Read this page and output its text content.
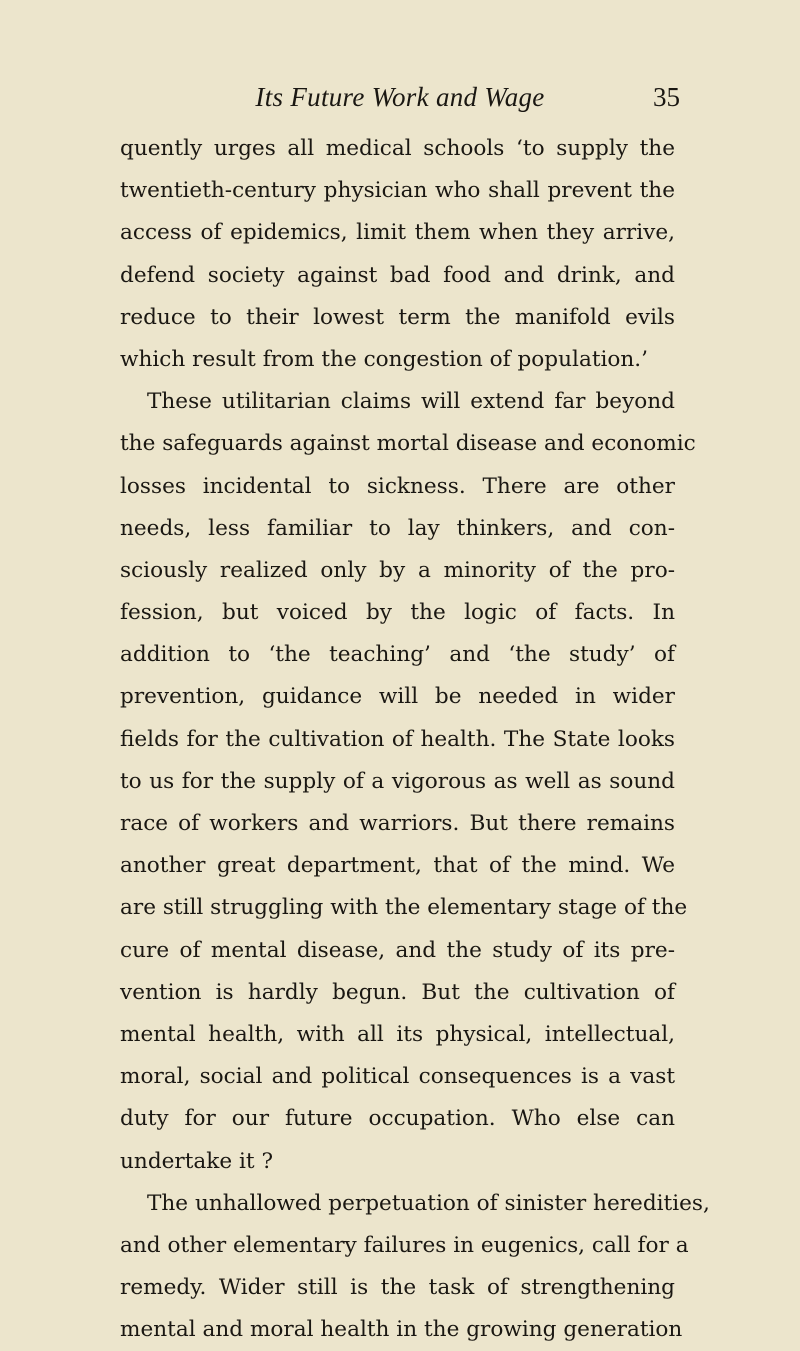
Its Future Work and Wage	35
quently urges all medical schools ‘to supply the
twentieth-century physician who shall prevent the
access of epidemics, limit them when they arrive,
defend society against bad food and drink, and
reduce to their lowest term the manifold evils
which result from the congestion of population.’
These utilitarian claims will extend far beyond
the safeguards against mortal disease and economic
losses incidental to sickness. There are other
needs, less familiar to lay thinkers, and con-
sciously realized only by a minority of the pro-
fession, but voiced by the logic of facts. In
addition to ‘the teaching’ and ‘the study’ of
prevention, guidance will be needed in wider
fields for the cultivation of health. The State looks
to us for the supply of a vigorous as well as sound
race of workers and warriors. But there remains
another great department, that of the mind. We
are still struggling with the elementary stage of the
cure of mental disease, and the study of its pre-
vention is hardly begun. But the cultivation of
mental health, with all its physical, intellectual,
moral, social and political consequences is a vast
duty for our future occupation. Who else can
undertake it ?
The unhallowed perpetuation of sinister heredities,
and other elementary failures in eugenics, call for a
remedy. Wider still is the task of strengthening
mental and moral health in the growing generation
